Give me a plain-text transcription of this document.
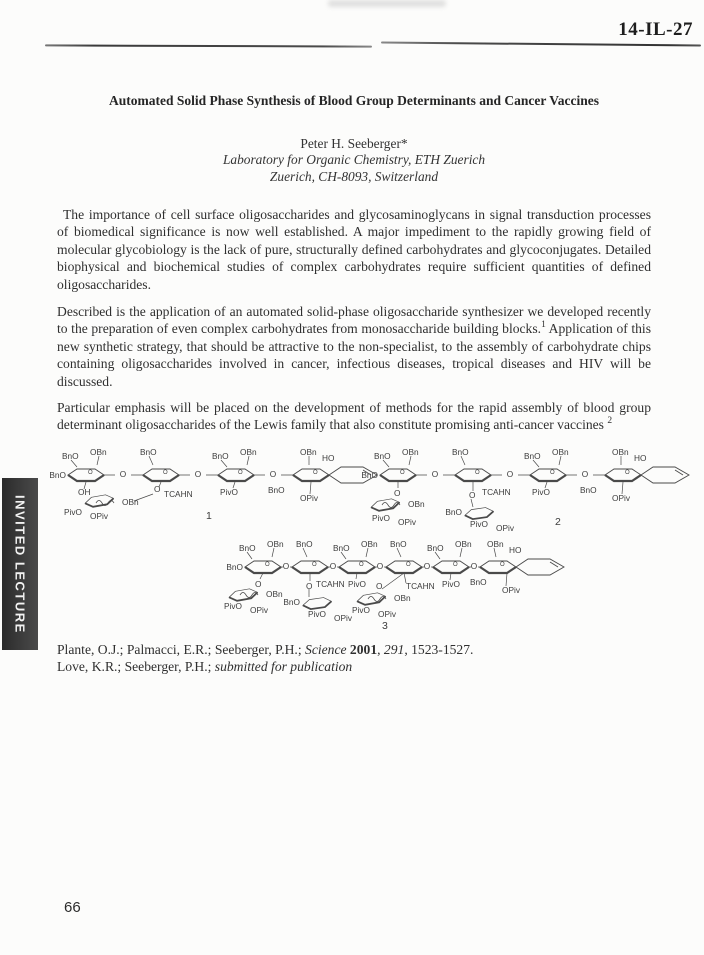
14-IL-27
Automated Solid Phase Synthesis of Blood Group Determinants and Cancer Vaccines
Peter H. Seeberger*
Laboratory for Organic Chemistry, ETH Zuerich
Zuerich, CH-8093, Switzerland

The importance of cell surface oligosaccharides and glycosaminoglycans in signal transduction processes of biomedical significance is now well established. A major impediment to the rapidly growing field of molecular glycobiology is the lack of pure, structurally defined carbohydrates and glycoconjugates. Detailed biophysical and biochemical studies of complex carbohydrates require sufficient quantities of defined oligosaccharides.

Described is the application of an automated solid-phase oligosaccharide synthesizer we developed recently to the preparation of even complex carbohydrates from monosaccharide building blocks.$^1$ Application of this new synthetic strategy, that should be attractive to the non-specialist, to the assembly of carbohydrate chips containing oligosaccharides involved in cancer, infectious diseases, tropical diseases and HIV will be discussed.

Particular emphasis will be placed on the development of methods for the rapid assembly of blood group determinant oligosaccharides of the Lewis family that also constitute promising anti-cancer vaccines $^2$

O	O	O	O
BnO OBn	BnO	BnO OBn	OBn
HO
BnO	O	O	O
OH	O TCAHN	PivO	BnO
OPiv
OBn
PivO OPiv	1
O	O	O	O
BnO OBn	BnO	BnO OBn	OBn
HO
BnO	O	O	O
O	O TCAHN	PivO	BnO
OPiv
OBn
PivO OPiv
BnO
PivO OPiv	2
O	O	O	O	O	O
BnO OBn BnO BnO OBn BnO BnO OBn OBn
HO
BnO	O	O	O	O	O
O
OBn
PivO OPiv
O TCAHN
BnO
PivO OPiv
PivO O
OBn
PivO OPiv
TCAHN PivO BnO
OPiv
3
Plante, O.J.; Palmacci, E.R.; Seeberger, P.H.; Science 2001, 291, 1523-1527.
Love, K.R.; Seeberger, P.H.; submitted for publication
INVITED LECTURE
66
